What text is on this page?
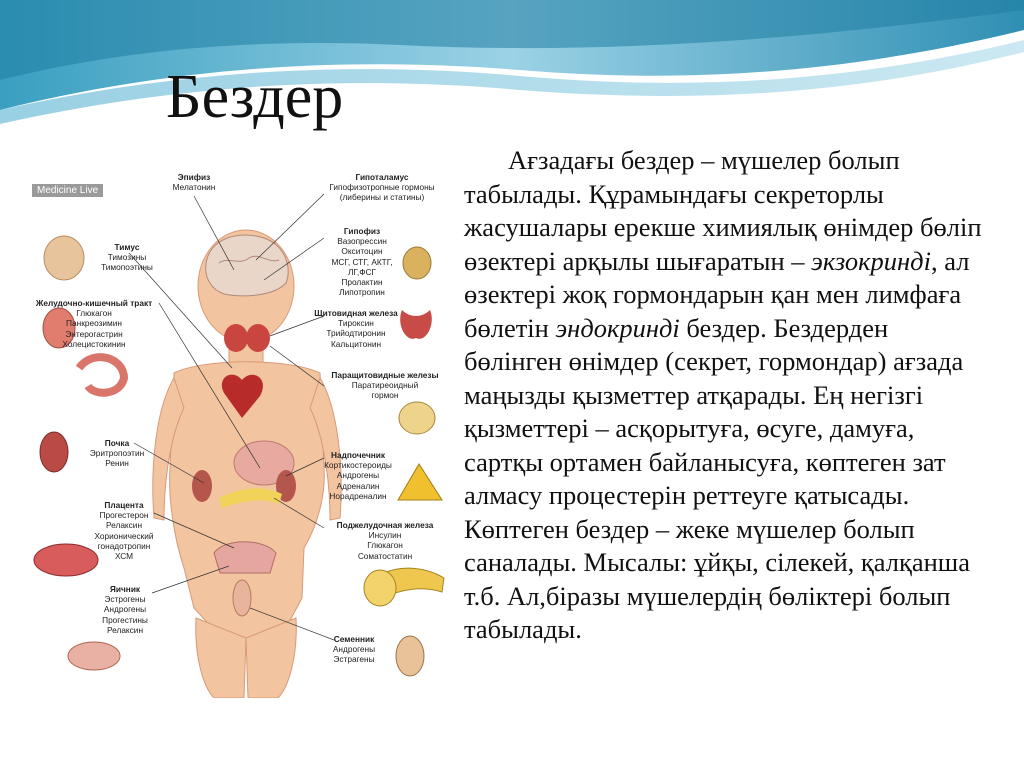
Бездер

Ағзадағы бездер – мүшелер болып табылады. Құрамындағы секреторлы жасушалары ерекше химиялық өнімдер бөліп өзектері арқылы шығаратын – экзокринді, ал өзектері жоқ гормондарын қан мен лимфаға бөлетін эндокринді бездер. Бездерден бөлінген өнімдер (секрет, гормондар) ағзада маңызды қызметтер атқарады. Ең негізгі қызметтері – асқорытуға, өсуге, дамуға, сартқы ортамен байланысуға, көптеген зат алмасу процестерін реттеуге қатысады. Көптеген бездер – жеке мүшелер болып саналады. Мысалы: ұйқы, сілекей, қалқанша т.б. Ал,біразы мүшелердің бөліктері болып табылады.

Medicine Live
Эпифиз
Мелатонин
Гипоталамус
Гипофизотропные гормоны
(либерины и статины)
Тимус
Тимозины
Тимопоэтины
Гипофиз
Вазопрессин
Окситоцин
МСГ, СТГ, АКТГ,
ЛГ,ФСГ
Пролактин
Липотропин
Желудочно-кишечный тракт
Глюкагон
Панкреозимин
Энтерогастрин
Холецистокинин
Щитовидная железа
Тироксин
Трийодтиронин
Кальцитонин
Паращитовидные железы
Паратиреоидный
гормон
Почка
Эритропоэтин
Ренин
Надпочечник
Кортикостероиды
Андрогены
Адреналин
Норадреналин
Плацента
Прогестерон
Релаксин
Хорионический
гонадотропин
ХСМ
Поджелудочная железа
Инсулин
Глюкагон
Соматостатин
Яичник
Эстрогены
Андрогены
Прогестины
Релаксин
Семенник
Андрогены
Эстрагены
